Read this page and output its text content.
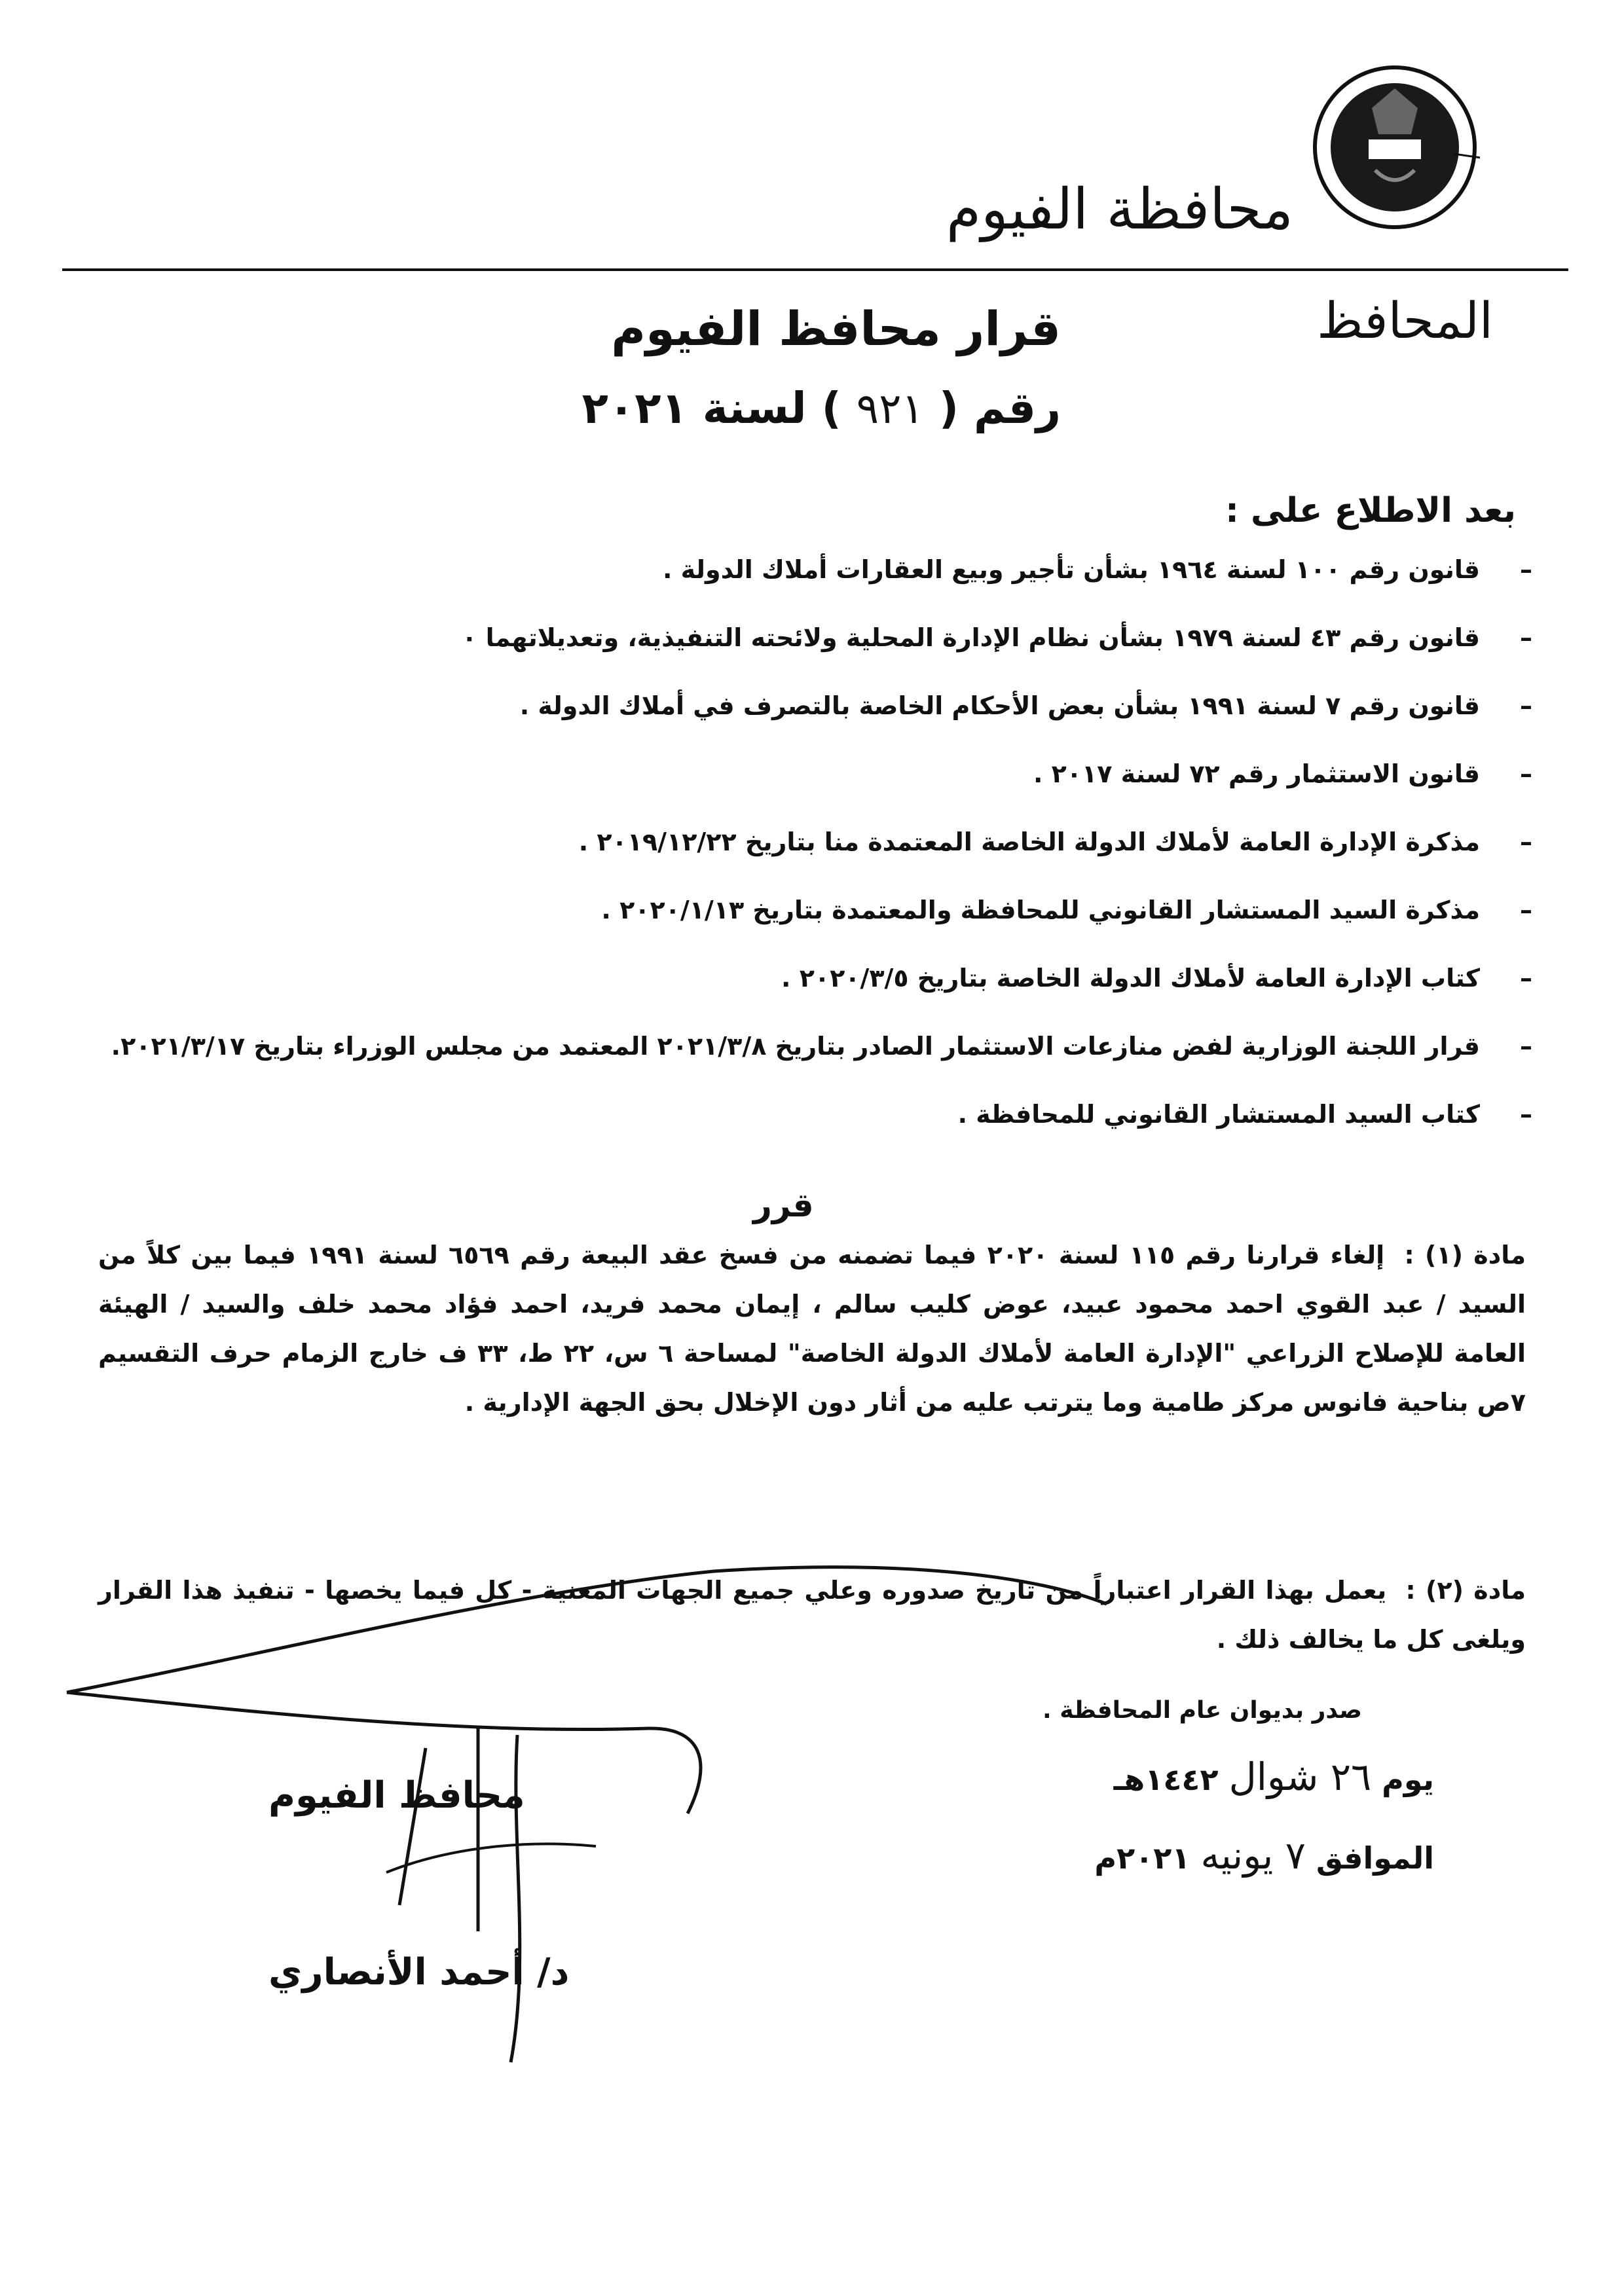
محافظة الفيوم
المحافظ
قرار محافظ الفيوم
رقم ( ٩٢١ ) لسنة ٢٠٢١
بعد الاطلاع على :
– قانون رقم ١٠٠ لسنة ١٩٦٤ بشأن تأجير وبيع العقارات أملاك الدولة .
– قانون رقم ٤٣ لسنة ١٩٧٩ بشأن نظام الإدارة المحلية ولائحته التنفيذية، وتعديلاتهما ٠
– قانون رقم ٧ لسنة ١٩٩١ بشأن بعض الأحكام الخاصة بالتصرف في أملاك الدولة .
– قانون الاستثمار رقم ٧٢ لسنة ٢٠١٧ .
– مذكرة الإدارة العامة لأملاك الدولة الخاصة المعتمدة منا بتاريخ ٢٠١٩/١٢/٢٢ .
– مذكرة السيد المستشار القانوني للمحافظة والمعتمدة بتاريخ ٢٠٢٠/١/١٣ .
– كتاب الإدارة العامة لأملاك الدولة الخاصة بتاريخ ٢٠٢٠/٣/٥ .
– قرار اللجنة الوزارية لفض منازعات الاستثمار الصادر بتاريخ ٢٠٢١/٣/٨ المعتمد من مجلس الوزراء بتاريخ ٢٠٢١/٣/١٧.
– كتاب السيد المستشار القانوني للمحافظة .
قرر
مادة (١) : إلغاء قرارنا رقم ١١٥ لسنة ٢٠٢٠ فيما تضمنه من فسخ عقد البيعة رقم ٦٥٦٩ لسنة ١٩٩١ فيما بين كلاً من السيد / عبد القوي احمد محمود عبيد، عوض كليب سالم ، إيمان محمد فريد، احمد فؤاد محمد خلف والسيد / الهيئة العامة للإصلاح الزراعي "الإدارة العامة لأملاك الدولة الخاصة" لمساحة ٦ س، ٢٢ ط، ٣٣ ف خارج الزمام حرف التقسيم ٧ص بناحية فانوس مركز طامية وما يترتب عليه من أثار دون الإخلال بحق الجهة الإدارية .
مادة (٢) : يعمل بهذا القرار اعتباراً من تاريخ صدوره وعلي جميع الجهات المعنية - كل فيما يخصها - تنفيذ هذا القرار ويلغى كل ما يخالف ذلك .
صدر بديوان عام المحافظة .
يوم ٢٦ شوال ١٤٤٢هـ
الموافق ٧ يونيه ٢٠٢١م
محافظ الفيوم
د/ أحمد الأنصاري
